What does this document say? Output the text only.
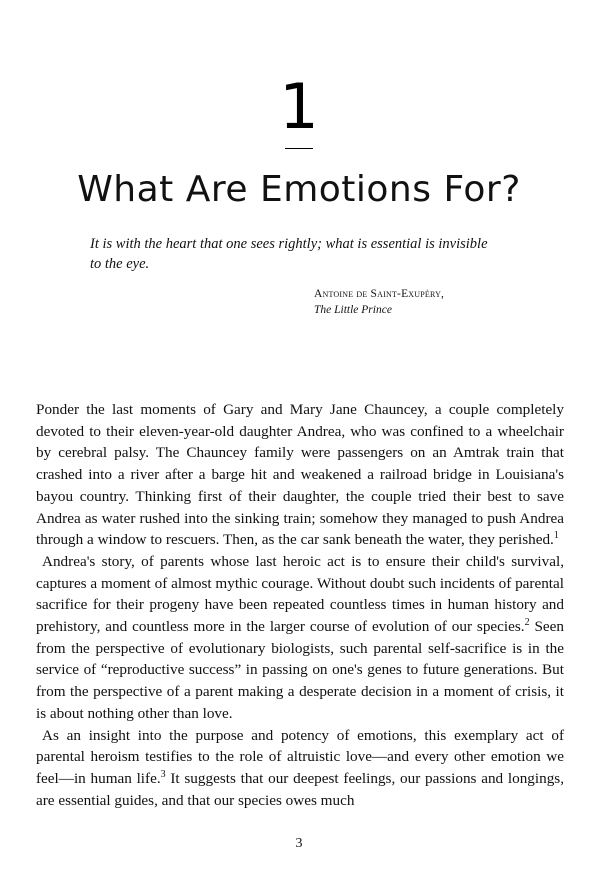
1
What Are Emotions For?
It is with the heart that one sees rightly; what is essential is invisible to the eye.
Antoine de Saint-Exupéry,
The Little Prince

Ponder the last moments of Gary and Mary Jane Chauncey, a couple completely devoted to their eleven-year-old daughter Andrea, who was confined to a wheelchair by cerebral palsy. The Chauncey family were passengers on an Amtrak train that crashed into a river after a barge hit and weakened a railroad bridge in Louisiana's bayou country. Thinking first of their daughter, the couple tried their best to save Andrea as water rushed into the sinking train; somehow they managed to push Andrea through a window to rescuers. Then, as the car sank beneath the water, they perished.$^1$

Andrea's story, of parents whose last heroic act is to ensure their child's survival, captures a moment of almost mythic courage. Without doubt such incidents of parental sacrifice for their progeny have been repeated countless times in human history and prehistory, and countless more in the larger course of evolution of our species.$^2$ Seen from the perspective of evolutionary biologists, such parental self-sacrifice is in the service of “reproductive success” in passing on one's genes to future generations. But from the perspective of a parent making a desperate decision in a moment of crisis, it is about nothing other than love.

As an insight into the purpose and potency of emotions, this exemplary act of parental heroism testifies to the role of altruistic love—and every other emotion we feel—in human life.$^3$ It suggests that our deepest feelings, our passions and longings, are essential guides, and that our species owes much

3
